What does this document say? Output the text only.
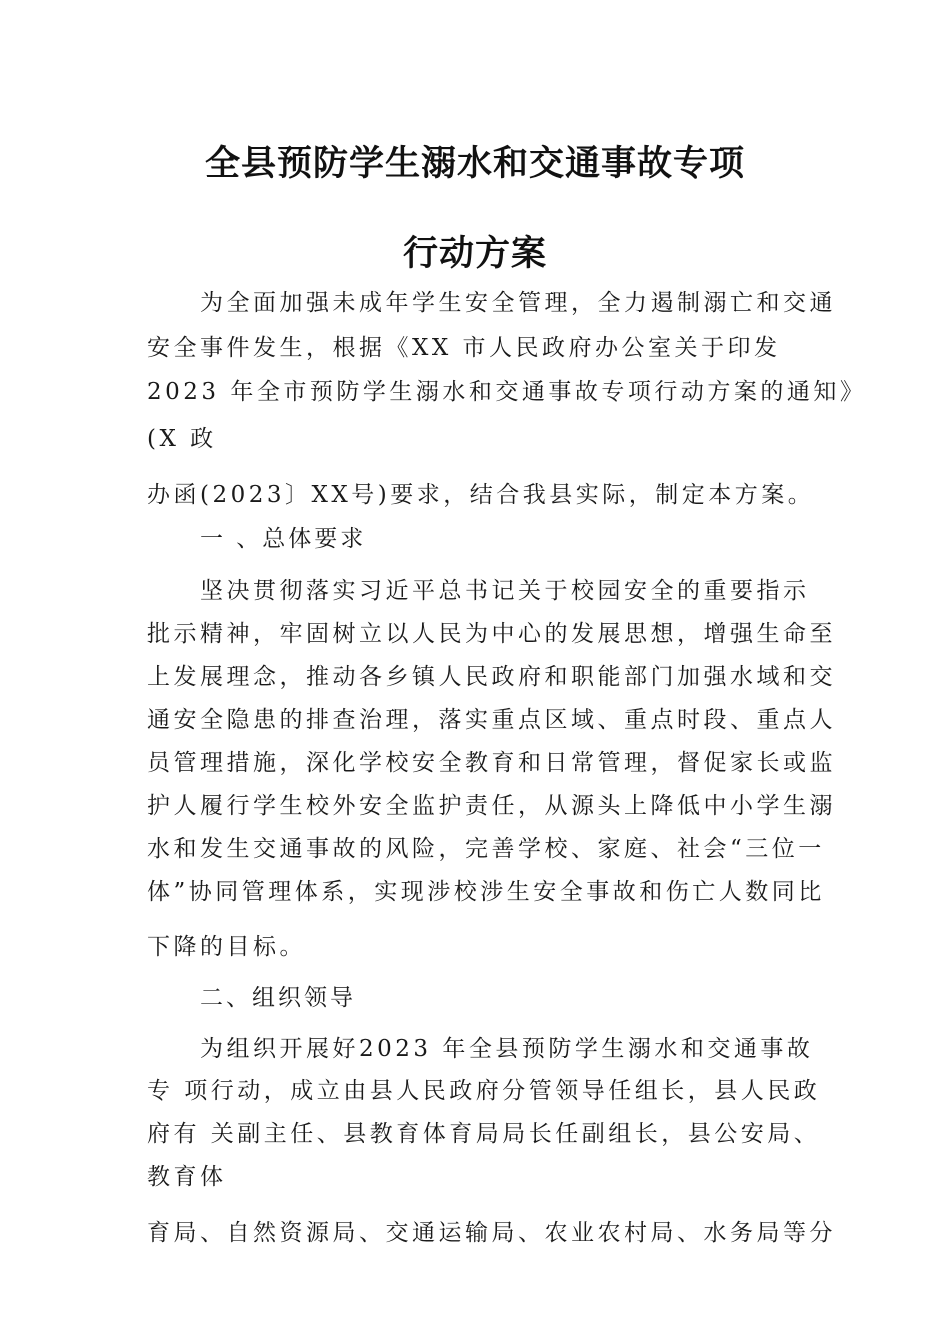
全县预防学生溺水和交通事故专项
行动方案
为全面加强未成年学生安全管理，全力遏制溺亡和交通
安全事件发生，根据《XX 市人民政府办公室关于印发
2023 年全市预防学生溺水和交通事故专项行动方案的通知》
(X 政
办函(2023〕XX号)要求，结合我县实际，制定本方案。
一 、总体要求
坚决贯彻落实习近平总书记关于校园安全的重要指示
批示精神，牢固树立以人民为中心的发展思想，增强生命至
上发展理念，推动各乡镇人民政府和职能部门加强水域和交
通安全隐患的排查治理，落实重点区域、重点时段、重点人
员管理措施，深化学校安全教育和日常管理，督促家长或监
护人履行学生校外安全监护责任，从源头上降低中小学生溺
水和发生交通事故的风险，完善学校、家庭、社会“三位一
体”协同管理体系，实现涉校涉生安全事故和伤亡人数同比
下降的目标。
二、组织领导
为组织开展好2023 年全县预防学生溺水和交通事故
专 项行动，成立由县人民政府分管领导任组长，县人民政
府有 关副主任、县教育体育局局长任副组长，县公安局、
教育体
育局、自然资源局、交通运输局、农业农村局、水务局等分
